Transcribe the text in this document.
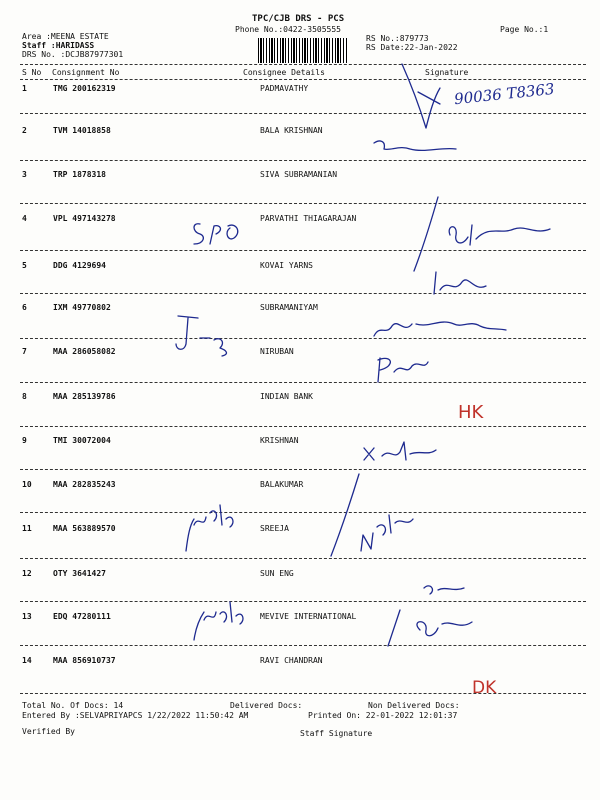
TPC/CJB DRS - PCS
Phone No.:0422-3505555	Page No.:1
Area :MEENA ESTATE
Staff :HARIDASS
DRS No. :DCJB87977301
RS No.:879773
RS Date:22-Jan-2022
S No Consignment No	Consignee Details	Signature
1	TMG 200162319	PADMAVATHY
2	TVM 14018858	BALA KRISHNAN
3	TRP 1878318	SIVA SUBRAMANIAN
4	VPL 497143278	PARVATHI THIAGARAJAN
5	DDG 4129694	KOVAI YARNS
6	IXM 49770802	SUBRAMANIYAM
7	MAA 286058082	NIRUBAN
8	MAA 285139786	INDIAN BANK
9	TMI 30072004	KRISHNAN
10	MAA 282835243	BALAKUMAR
11	MAA 563889570	SREEJA
12	OTY 3641427	SUN ENG
13	EDQ 47280111	MEVIVE INTERNATIONAL
14	MAA 856910737	RAVI CHANDRAN
Total No. Of Docs: 14	Delivered Docs:	Non Delivered Docs:
Entered By :SELVAPRIYAPCS 1/22/2022 11:50:42 AM	Printed On: 22-01-2022 12:01:37
Verified By	Staff Signature
90036 T8363
HK
DK
